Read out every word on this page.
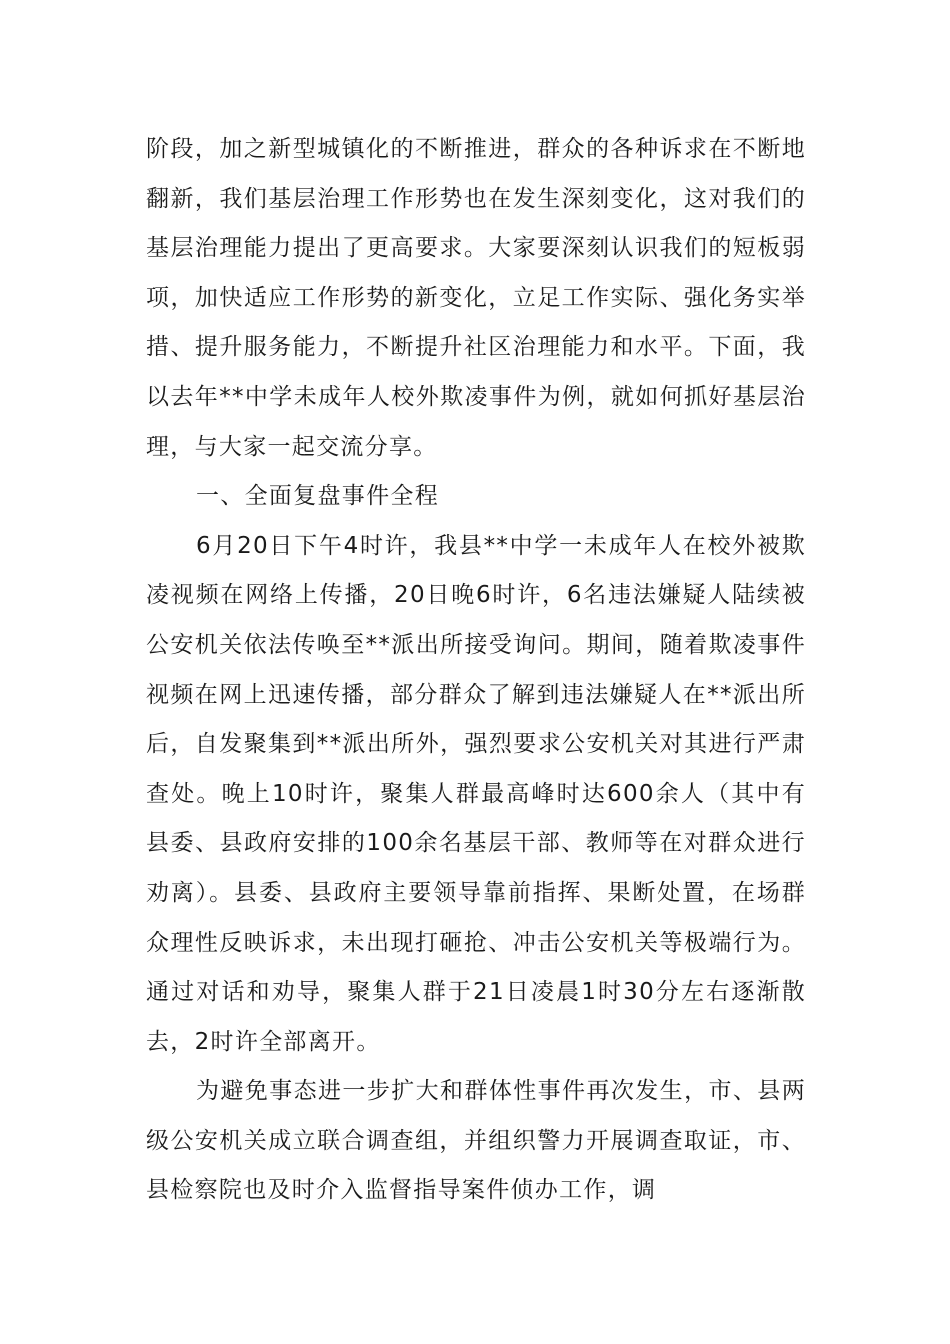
阶段，加之新型城镇化的不断推进，群众的各种诉求在不断地翻新，我们基层治理工作形势也在发生深刻变化，这对我们的基层治理能力提出了更高要求。大家要深刻认识我们的短板弱项，加快适应工作形势的新变化，立足工作实际、强化务实举措、提升服务能力，不断提升社区治理能力和水平。下面，我以去年**中学未成年人校外欺凌事件为例，就如何抓好基层治理，与大家一起交流分享。

一、全面复盘事件全程

6月20日下午4时许，我县**中学一未成年人在校外被欺凌视频在网络上传播，20日晚6时许，6名违法嫌疑人陆续被公安机关依法传唤至**派出所接受询问。期间，随着欺凌事件视频在网上迅速传播，部分群众了解到违法嫌疑人在**派出所后，自发聚集到**派出所外，强烈要求公安机关对其进行严肃查处。晚上10时许，聚集人群最高峰时达600余人（其中有县委、县政府安排的100余名基层干部、教师等在对群众进行劝离）。县委、县政府主要领导靠前指挥、果断处置，在场群众理性反映诉求，未出现打砸抢、冲击公安机关等极端行为。通过对话和劝导，聚集人群于21日凌晨1时30分左右逐渐散去，2时许全部离开。

为避免事态进一步扩大和群体性事件再次发生，市、县两级公安机关成立联合调查组，并组织警力开展调查取证，市、县检察院也及时介入监督指导案件侦办工作，调
